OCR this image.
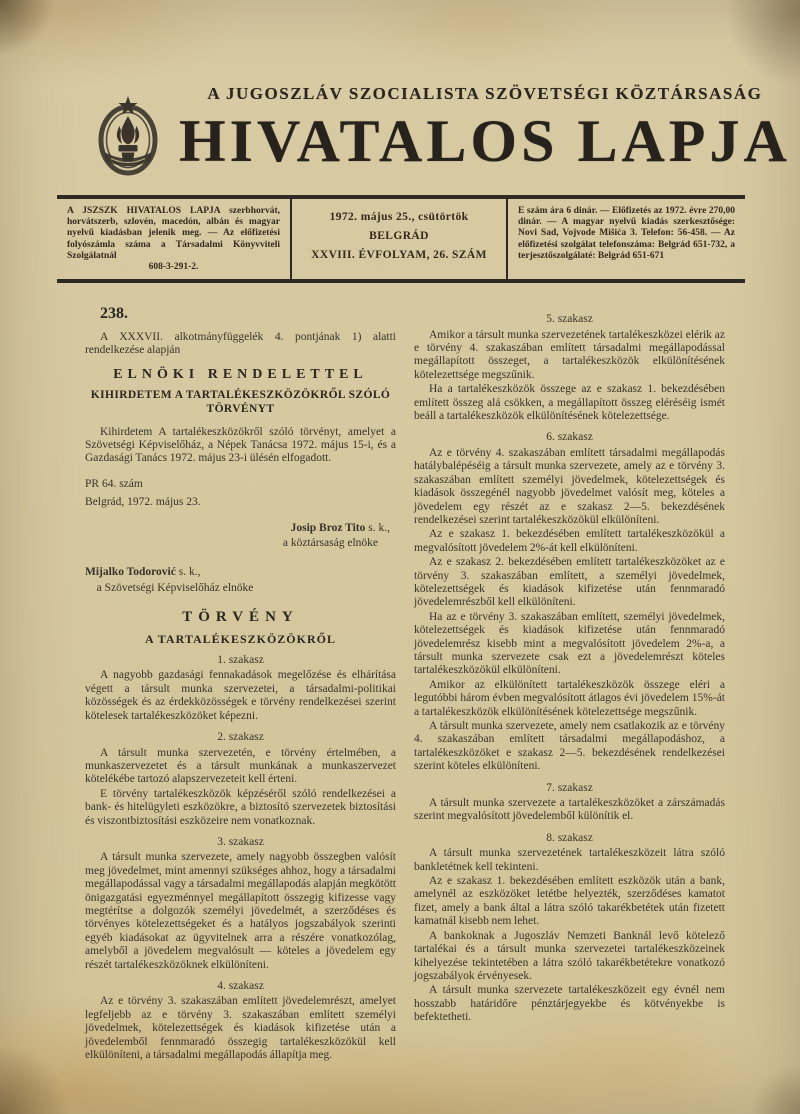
A JUGOSZLÁV SZOCIALISTA SZÖVETSÉGI KÖZTÁRSASÁG
HIVATALOS LAPJA
A JSZSZK HIVATALOS LAPJA szerbhorvát, horvátszerb, szlovén, macedón, albán és magyar nyelvű kiadásban jelenik meg. — Az előfizetési folyószámla száma a Társadalmi Könyvviteli Szolgálatnál
608-3-291-2.
1972. május 25., csütörtök
BELGRÁD
XXVIII. ÉVFOLYAM, 26. SZÁM
E szám ára 6 dinár. — Előfizetés az 1972. évre 270,00 dinár. — A magyar nyelvű kiadás szerkesztősége: Novi Sad, Vojvode Mišića 3. Telefon: 56-458. — Az előfizetési szolgálat telefonszáma: Belgrád 651-732, a terjesztőszolgálaté: Belgrád 651-671
238.

A XXXVII. alkotmányfüggelék 4. pontjának 1) alatti rendelkezése alapján

ELNÖKI RENDELETTEL
KIHIRDETEM A TARTALÉKESZKÖZÖKRŐL SZÓLÓ TÖRVÉNYT

Kihirdetem A tartalékeszközökről szóló törvényt, amelyet a Szövetségi Képviselőház, a Népek Tanácsa 1972. május 15-i, és a Gazdasági Tanács 1972. május 23-i ülésén elfogadott.

PR 64. szám

Belgrád, 1972. május 23.

Josip Broz Tito s. k.,
a köztársaság elnöke
Mijalko Todorović s. k.,
a Szövetségi Képviselőház elnöke
TÖRVÉNY
A TARTALÉKESZKÖZÖKRŐL
1. szakasz

A nagyobb gazdasági fennakadások megelőzése és elhárítása végett a társult munka szervezetei, a társadalmi-politikai közösségek és az érdekközösségek e törvény rendelkezései szerint kötelesek tartalékeszközöket képezni.

2. szakasz

A társult munka szervezetén, e törvény értelmében, a munkaszervezetet és a társult munkának a munkaszervezet kötelékébe tartozó alapszervezeteit kell érteni.

E törvény tartalékeszközök képzéséről szóló rendelkezései a bank- és hitelügyleti eszközökre, a biztosító szervezetek biztosítási és viszontbiztosítási eszközeire nem vonatkoznak.

3. szakasz

A társult munka szervezete, amely nagyobb összegben valósít meg jövedelmet, mint amennyi szükséges ahhoz, hogy a társadalmi megállapodással vagy a társadalmi megállapodás alapján megkötött önigazgatási egyezménnyel megállapított összegig kifizesse vagy megtérítse a dolgozók személyi jövedelmét, a szerződéses és törvényes kötelezettségeket és a hatályos jogszabályok szerinti egyéb kiadásokat az ügyvitelnek arra a részére vonatkozólag, amelyből a jövedelem megvalósult — köteles a jövedelem egy részét tartalékeszközöknek elkülöníteni.

4. szakasz

Az e törvény 3. szakaszában említett jövedelemrészt, amelyet legfeljebb az e törvény 3. szakaszában említett személyi jövedelmek, kötelezettségek és kiadások kifizetése után a jövedelemből fennmaradó összegig tartalékeszközökül kell elkülöníteni, a társadalmi megállapodás állapítja meg.

5. szakasz

Amikor a társult munka szervezetének tartalékeszközei elérik az e törvény 4. szakaszában említett társadalmi megállapodással megállapított összeget, a tartalékeszközök elkülönítésének kötelezettsége megszűnik.

Ha a tartalékeszközök összege az e szakasz 1. bekezdésében említett összeg alá csökken, a megállapított összeg eléréséig ismét beáll a tartalékeszközök elkülönítésének kötelezettsége.

6. szakasz

Az e törvény 4. szakaszában említett társadalmi megállapodás hatálybalépéséig a társult munka szervezete, amely az e törvény 3. szakaszában említett személyi jövedelmek, kötelezettségek és kiadások összegénél nagyobb jövedelmet valósít meg, köteles a jövedelem egy részét az e szakasz 2—5. bekezdésének rendelkezései szerint tartalékeszközökül elkülöníteni.

Az e szakasz 1. bekezdésében említett tartalékeszközökül a megvalósított jövedelem 2%-át kell elkülöníteni.

Az e szakasz 2. bekezdésében említett tartalékeszközöket az e törvény 3. szakaszában említett, a személyi jövedelmek, kötelezettségek és kiadások kifizetése után fennmaradó jövedelemrészből kell elkülöníteni.

Ha az e törvény 3. szakaszában említett, személyi jövedelmek, kötelezettségek és kiadások kifizetése után fennmaradó jövedelemrész kisebb mint a megvalósított jövedelem 2%-a, a társult munka szervezete csak ezt a jövedelemrészt köteles tartalékeszközökül elkülöníteni.

Amikor az elkülönített tartalékeszközök összege eléri a legutóbbi három évben megvalósított átlagos évi jövedelem 15%-át a tartalékeszközök elkülönítésének kötelezettsége megszűnik.

A társult munka szervezete, amely nem csatlakozik az e törvény 4. szakaszában említett társadalmi megállapodáshoz, a tartalékeszközöket e szakasz 2—5. bekezdésének rendelkezései szerint köteles elkülöníteni.

7. szakasz

A társult munka szervezete a tartalékeszközöket a zárszámadás szerint megvalósított jövedelemből különítik el.

8. szakasz

A társult munka szervezetének tartalékeszközeit látra szóló bankletétnek kell tekinteni.

Az e szakasz 1. bekezdésében említett eszközök után a bank, amelynél az eszközöket letétbe helyezték, szerződéses kamatot fizet, amely a bank által a látra szóló takarékbetétek után fizetett kamatnál kisebb nem lehet.

A bankoknak a Jugoszláv Nemzeti Banknál levő kötelező tartalékai és a társult munka szervezetei tartalékeszközeinek kihelyezése tekintetében a látra szóló takarékbetétekre vonatkozó jogszabályok érvényesek.

A társult munka szervezete tartalékeszközeit egy évnél nem hosszabb határidőre pénztárjegyekbe és kötvényekbe is befektetheti.
